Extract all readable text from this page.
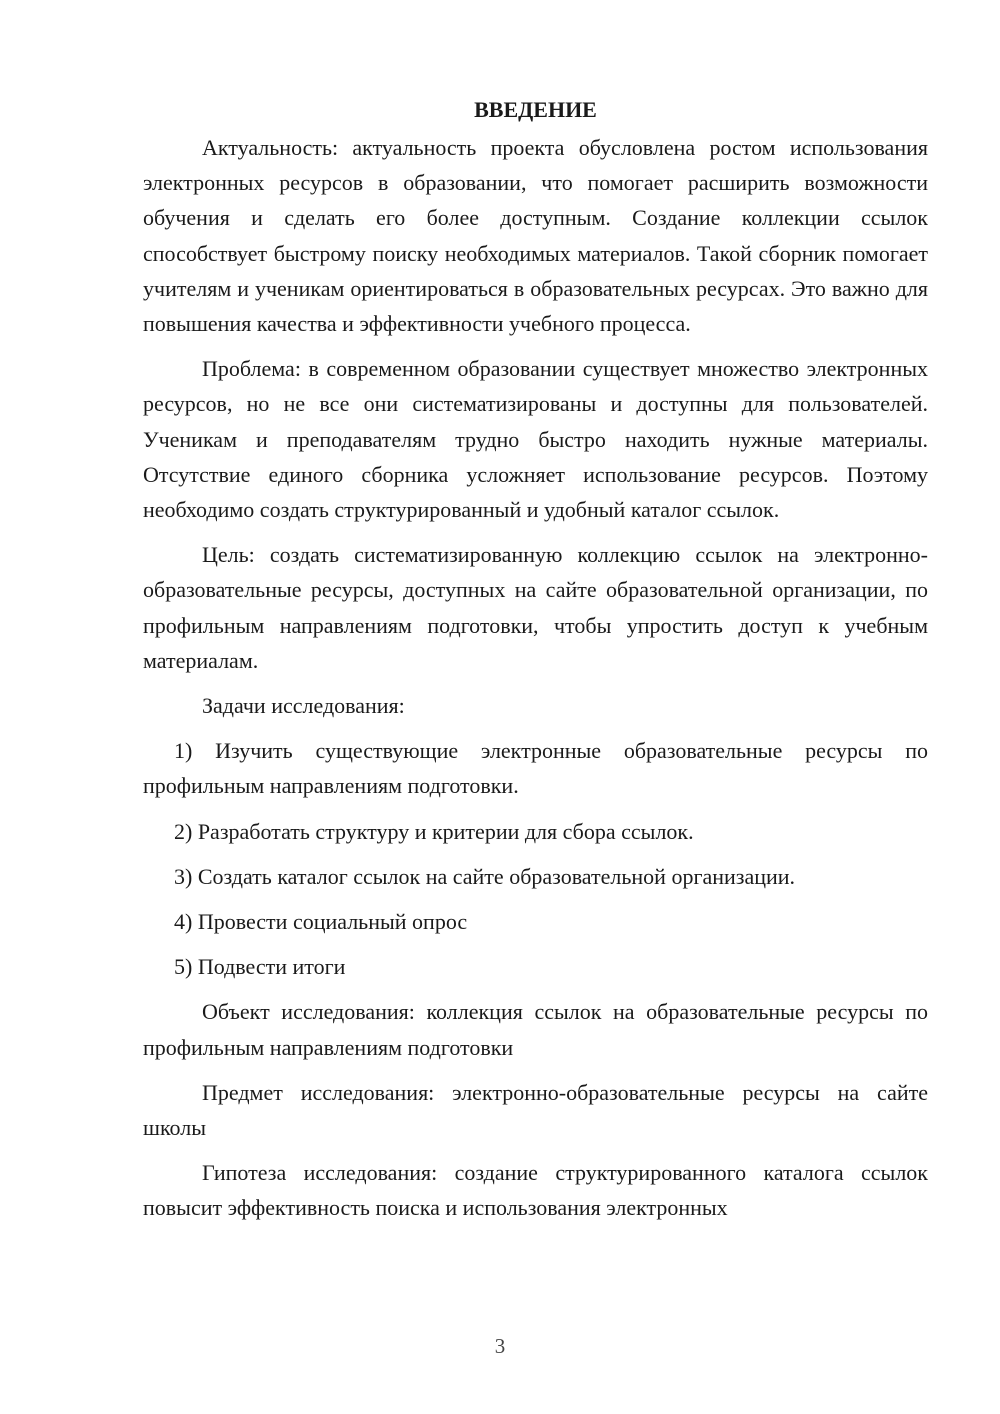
ВВЕДЕНИЕ

Актуальность: актуальность проекта обусловлена ростом использования электронных ресурсов в образовании, что помогает расширить возможности обучения и сделать его более доступным. Создание коллекции ссылок способствует быстрому поиску необходимых материалов. Такой сборник помогает учителям и ученикам ориентироваться в образовательных ресурсах. Это важно для повышения качества и эффективности учебного процесса.

Проблема: в современном образовании существует множество электронных ресурсов, но не все они систематизированы и доступны для пользователей. Ученикам и преподавателям трудно быстро находить нужные материалы. Отсутствие единого сборника усложняет использование ресурсов. Поэтому необходимо создать структурированный и удобный каталог ссылок.

Цель: создать систематизированную коллекцию ссылок на электронно-образовательные ресурсы, доступных на сайте образовательной организации, по профильным направлениям подготовки, чтобы упростить доступ к учебным материалам.

Задачи исследования:

1) Изучить существующие электронные образовательные ресурсы по профильным направлениям подготовки.

2) Разработать структуру и критерии для сбора ссылок.

3) Создать каталог ссылок на сайте образовательной организации.

4) Провести социальный опрос

5) Подвести итоги

Объект исследования: коллекция ссылок на образовательные ресурсы по профильным направлениям подготовки

Предмет исследования: электронно-образовательные ресурсы на сайте школы

Гипотеза исследования: создание структурированного каталога ссылок повысит эффективность поиска и использования электронных

3
